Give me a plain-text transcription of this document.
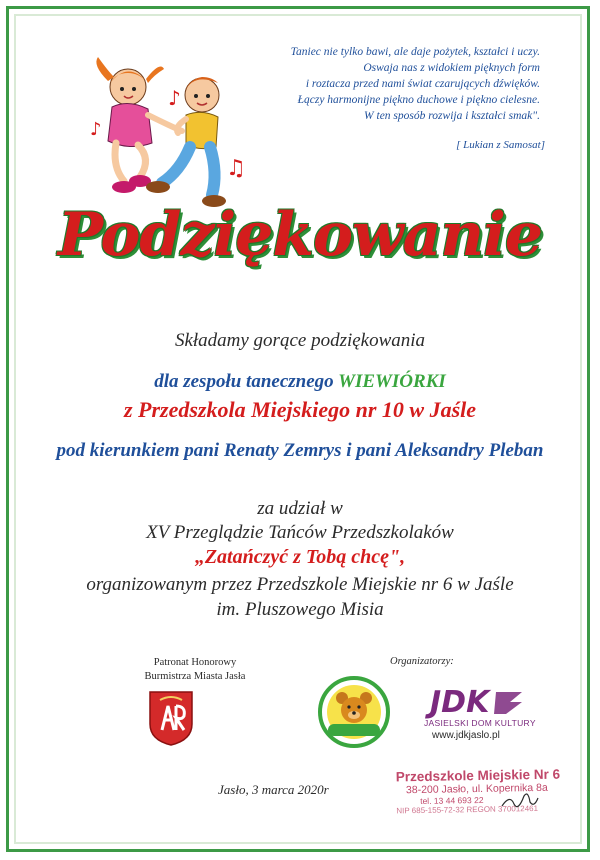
♪
♫
♪
Taniec nie tylko bawi, ale daje pożytek, kształci i uczy.
Oswaja nas z widokiem pięknych form
i roztacza przed nami świat czarujących dźwięków.
Łączy harmonijne piękno duchowe i piękno cielesne.
W ten sposób rozwija i kształci smak".
[ Lukian z Samosat]
Podziękowanie
Składamy gorące podziękowania
dla zespołu tanecznego WIEWIÓRKI
z Przedszkola Miejskiego nr 10 w Jaśle
pod kierunkiem pani Renaty Zemrys i pani Aleksandry Pleban
za udział w
XV Przeglądzie Tańców Przedszkolaków
„Zatańczyć z Tobą chcę",
organizowanym przez Przedszkole Miejskie nr 6 w Jaśle
im. Pluszowego Misia
Patronat Honorowy
Burmistrza Miasta Jasła
Organizatorzy:
JDK
JASIELSKI DOM KULTURY
www.jdkjaslo.pl
Jasło, 3 marca 2020r
Przedszkole Miejskie Nr 6
38-200 Jasło, ul. Kopernika 8a
tel. 13 44 693 22
NIP 685-155-72-32 REGON 370012461
